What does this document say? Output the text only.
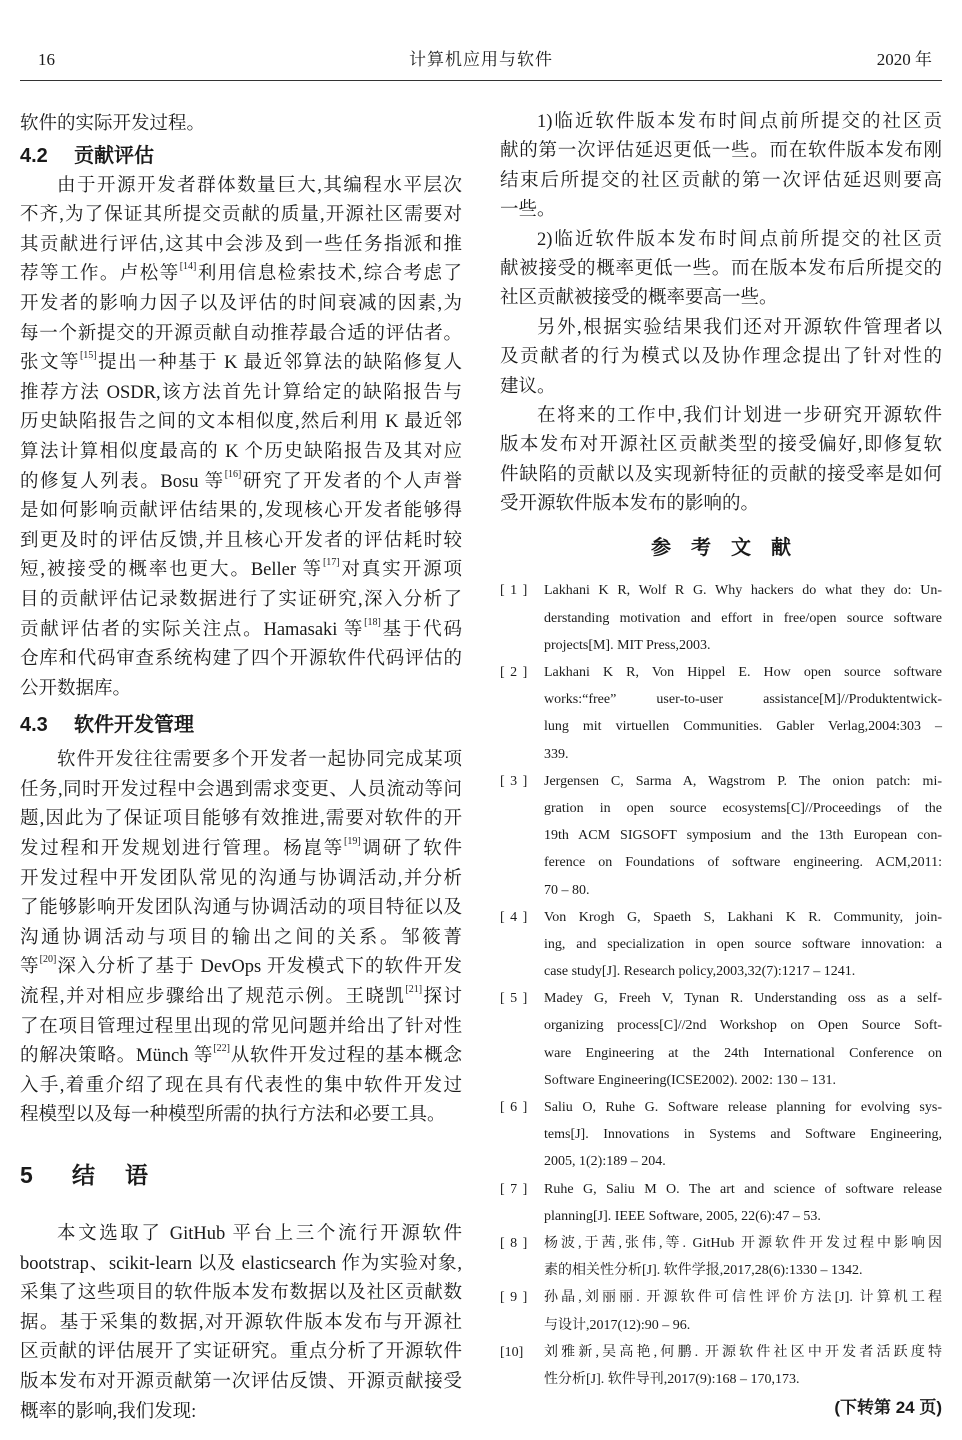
16	计算机应用与软件	2020 年
软件的实际开发过程。
4.2 贡献评估
由于开源开发者群体数量巨大,其编程水平层次
不齐,为了保证其所提交贡献的质量,开源社区需要对
其贡献进行评估,这其中会涉及到一些任务指派和推
荐等工作。卢松等[14]利用信息检索技术,综合考虑了
开发者的影响力因子以及评估的时间衰减的因素,为
每一个新提交的开源贡献自动推荐最合适的评估者。
张文等[15]提出一种基于 K 最近邻算法的缺陷修复人
推荐方法 OSDR,该方法首先计算给定的缺陷报告与
历史缺陷报告之间的文本相似度,然后利用 K 最近邻
算法计算相似度最高的 K 个历史缺陷报告及其对应
的修复人列表。Bosu 等[16]研究了开发者的个人声誉
是如何影响贡献评估结果的,发现核心开发者能够得
到更及时的评估反馈,并且核心开发者的评估耗时较
短,被接受的概率也更大。Beller 等[17]对真实开源项
目的贡献评估记录数据进行了实证研究,深入分析了
贡献评估者的实际关注点。Hamasaki 等[18]基于代码
仓库和代码审查系统构建了四个开源软件代码评估的
公开数据库。
4.3 软件开发管理
软件开发往往需要多个开发者一起协同完成某项
任务,同时开发过程中会遇到需求变更、人员流动等问
题,因此为了保证项目能够有效推进,需要对软件的开
发过程和开发规划进行管理。杨崑等[19]调研了软件
开发过程中开发团队常见的沟通与协调活动,并分析
了能够影响开发团队沟通与协调活动的项目特征以及
沟通协调活动与项目的输出之间的关系。邹筱菁
等[20]深入分析了基于 DevOps 开发模式下的软件开发
流程,并对相应步骤给出了规范示例。王晓凯[21]探讨
了在项目管理过程里出现的常见问题并给出了针对性
的解决策略。Münch 等[22]从软件开发过程的基本概念
入手,着重介绍了现在具有代表性的集中软件开发过
程模型以及每一种模型所需的执行方法和必要工具。
5 结语
本文选取了 GitHub 平台上三个流行开源软件
bootstrap、scikit-learn 以及 elasticsearch 作为实验对象,
采集了这些项目的软件版本发布数据以及社区贡献数
据。基于采集的数据,对开源软件版本发布与开源社
区贡献的评估展开了实证研究。重点分析了开源软件
版本发布对开源贡献第一次评估反馈、开源贡献接受
概率的影响,我们发现:
1)临近软件版本发布时间点前所提交的社区贡
献的第一次评估延迟更低一些。而在软件版本发布刚
结束后所提交的社区贡献的第一次评估延迟则要高
一些。
2)临近软件版本发布时间点前所提交的社区贡
献被接受的概率更低一些。而在版本发布后所提交的
社区贡献被接受的概率要高一些。
另外,根据实验结果我们还对开源软件管理者以
及贡献者的行为模式以及协作理念提出了针对性的
建议。
在将来的工作中,我们计划进一步研究开源软件
版本发布对开源社区贡献类型的接受偏好,即修复软
件缺陷的贡献以及实现新特征的贡献的接受率是如何
受开源软件版本发布的影响的。
参考文献
[ 1 ] Lakhani K R, Wolf R G. Why hackers do what they do: Un-
derstanding motivation and effort in free/open source software
projects[M]. MIT Press,2003.
[ 2 ] Lakhani K R, Von Hippel E. How open source software
works:“free” user-to-user assistance[M]//Produktentwick-
lung mit virtuellen Communities. Gabler Verlag,2004:303 –
339.
[ 3 ] Jergensen C, Sarma A, Wagstrom P. The onion patch: mi-
gration in open source ecosystems[C]//Proceedings of the
19th ACM SIGSOFT symposium and the 13th European con-
ference on Foundations of software engineering. ACM,2011:
70 – 80.
[ 4 ] Von Krogh G, Spaeth S, Lakhani K R. Community, join-
ing, and specialization in open source software innovation: a
case study[J]. Research policy,2003,32(7):1217 – 1241.
[ 5 ] Madey G, Freeh V, Tynan R. Understanding oss as a self-
organizing process[C]//2nd Workshop on Open Source Soft-
ware Engineering at the 24th International Conference on
Software Engineering(ICSE2002). 2002: 130 – 131.
[ 6 ] Saliu O, Ruhe G. Software release planning for evolving sys-
tems[J]. Innovations in Systems and Software Engineering,
2005, 1(2):189 – 204.
[ 7 ] Ruhe G, Saliu M O. The art and science of software release
planning[J]. IEEE Software, 2005, 22(6):47 – 53.
[ 8 ] 杨波,于茜,张伟,等. GitHub 开源软件开发过程中影响因
素的相关性分析[J]. 软件学报,2017,28(6):1330 – 1342.
[ 9 ] 孙晶,刘丽丽. 开源软件可信性评价方法[J]. 计算机工程
与设计,2017(12):90 – 96.
[10] 刘雅新,吴高艳,何鹏. 开源软件社区中开发者活跃度特
性分析[J]. 软件导刊,2017(9):168 – 170,173.
(下转第 24 页)
